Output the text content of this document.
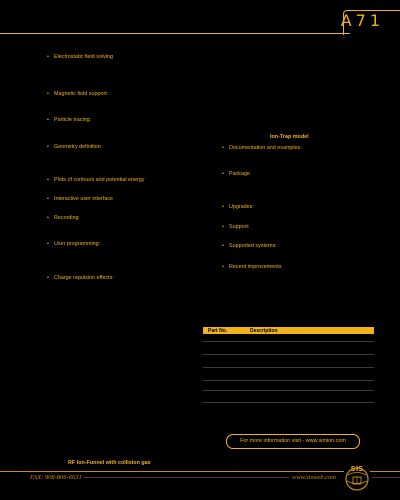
A71
• Electrostatic field solving
• Magnetic field support:
• Particle tracing:
• Geometry definition
• Plots of contours and potential energy
• Interactive user interface
• Recording
• User programming:
• Charge repulsion effects:
Ion-Trap model
• Documentation and examples:
• Package
• Upgrades:
• Support:
• Supported systems:
• Recent improvements
Part No.	Description
For more information visit - www.simion.com
RF Ion-Funnel with collision gas
FAX: 908-806-6631	www.sisweb.com
SIS
